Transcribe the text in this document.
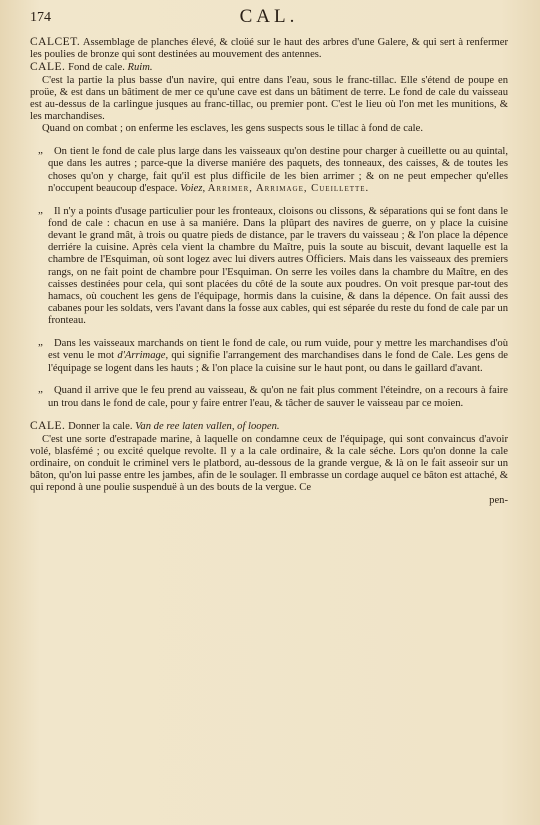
174	CAL.

CALCET. Assemblage de planches élevé, & cloüé sur le haut des arbres d'une Galere, & qui sert à renfermer les poulies de bronze qui sont destinées au mouvement des antennes.

CALE. Fond de cale. Ruim.

C'est la partie la plus basse d'un navire, qui entre dans l'eau, sous le franc-tillac. Elle s'étend de poupe en proüe, & est dans un bâtiment de mer ce qu'une cave est dans un bâtiment de terre. Le fond de cale du vaisseau est au-dessus de la carlingue jusques au franc-tillac, ou premier pont. C'est le lieu où l'on met les munitions, & les marchandises.

Quand on combat ; on enferme les esclaves, les gens suspects sous le tillac à fond de cale.

„ On tient le fond de cale plus large dans les vaisseaux qu'on destine pour charger à cueillette ou au quintal, que dans les autres ; parce-que la diverse maniére des paquets, des tonneaux, des caisses, & de toutes les choses qu'on y charge, fait qu'il est plus difficile de les bien arrimer ; & on ne peut empecher qu'elles n'occupent beaucoup d'espace. Voiez, Arrimer, Arrimage, Cueillette.

„ Il n'y a points d'usage particulier pour les fronteaux, cloisons ou clissons, & séparations qui se font dans le fond de cale : chacun en use à sa maniére. Dans la plûpart des navires de guerre, on y place la cuisine devant le grand mât, à trois ou quatre pieds de distance, par le travers du vaisseau ; & l'on place la dépence derriére la cuisine. Après cela vient la chambre du Maître, puis la soute au biscuit, devant laquelle est la chambre de l'Esquiman, où sont logez avec lui divers autres Officiers. Mais dans les vaisseaux des premiers rangs, on ne fait point de chambre pour l'Esquiman. On serre les voiles dans la chambre du Maître, en des caisses destinées pour cela, qui sont placées du côté de la soute aux poudres. On voit presque par-tout des hamacs, où couchent les gens de l'équipage, hormis dans la cuisine, & dans la dépence. On fait aussi des cabanes pour les soldats, vers l'avant dans la fosse aux cables, qui est séparée du reste du fond de cale par un fronteau.

„ Dans les vaisseaux marchands on tient le fond de cale, ou rum vuide, pour y mettre les marchandises d'où est venu le mot d'Arrimage, qui signifie l'arrangement des marchandises dans le fond de Cale. Les gens de l'équipage se logent dans les hauts ; & l'on place la cuisine sur le haut pont, ou dans le gaillard d'avant.

„ Quand il arrive que le feu prend au vaisseau, & qu'on ne fait plus comment l'éteindre, on a recours à faire un trou dans le fond de cale, pour y faire entrer l'eau, & tâcher de sauver le vaisseau par ce moien.

CALE. Donner la cale. Van de ree laten vallen, of loopen.

C'est une sorte d'estrapade marine, à laquelle on condamne ceux de l'équipage, qui sont convaincus d'avoir volé, blasfémé ; ou excité quelque revolte. Il y a la cale ordinaire, & la cale séche. Lors qu'on donne la cale ordinaire, on conduit le criminel vers le platbord, au-dessous de la grande vergue, & là on le fait asseoir sur un bâton, qu'on lui passe entre les jambes, afin de le soulager. Il embrasse un cordage auquel ce bâton est attaché, & qui repond à une poulie suspenduë à un des bouts de la vergue. Ce

pen-
